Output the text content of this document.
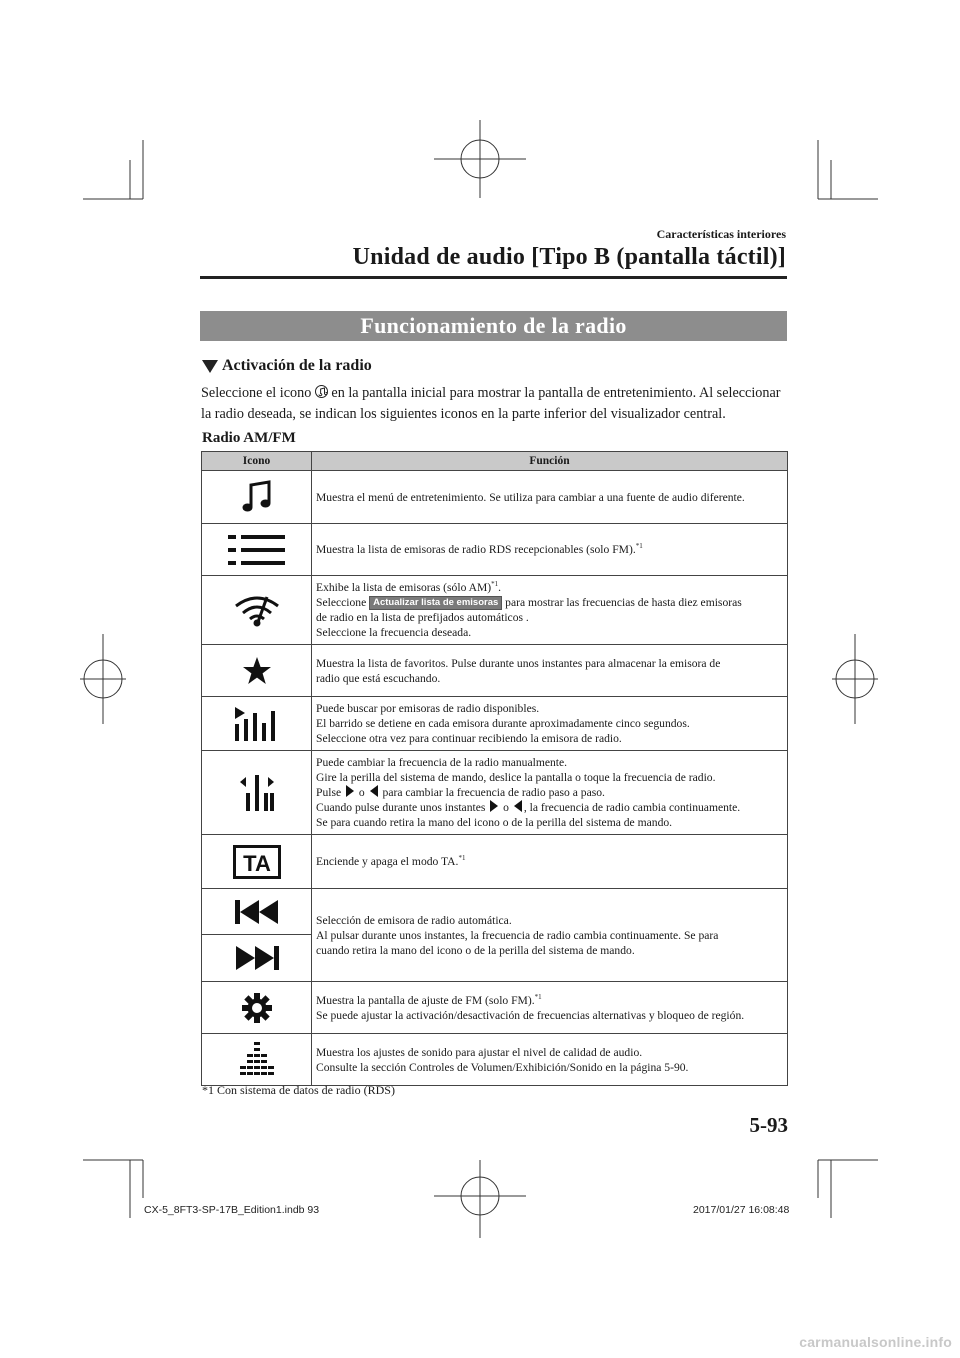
Características interiores
Unidad de audio [Tipo B (pantalla táctil)]
Funcionamiento de la radio
Activación de la radio
Seleccione el icono  en la pantalla inicial para mostrar la pantalla de entretenimiento. Al seleccionar la radio deseada, se indican los siguientes iconos en la parte inferior del visualizador central.
Radio AM/FM
Icono	Función

Muestra el menú de entretenimiento. Se utiliza para cambiar a una fuente de audio diferente.

	Muestra la lista de emisoras de radio RDS recepcionables (solo FM).$^{*1}$

Exhibe la lista de emisoras (sólo AM)$^{*1}$.
Seleccione Actualizar lista de emisoras para mostrar las frecuencias de hasta diez emisoras
de radio en la lista de prefijados automáticos .
Seleccione la frecuencia deseada.

Muestra la lista de favoritos. Pulse durante unos instantes para almacenar la emisora de
radio que está escuchando.

Puede buscar por emisoras de radio disponibles.
El barrido se detiene en cada emisora durante aproximadamente cinco segundos.
Seleccione otra vez para continuar recibiendo la emisora de radio.

Puede cambiar la frecuencia de la radio manualmente.
Gire la perilla del sistema de mando, deslice la pantalla o toque la frecuencia de radio.
Pulse  o  para cambiar la frecuencia de radio paso a paso.
Cuando pulse durante unos instantes  o , la frecuencia de radio cambia continuamente.
Se para cuando retira la mano del icono o de la perilla del sistema de mando.

TA	Enciende y apaga el modo TA.$^{*1}$

Selección de emisora de radio automática.
Al pulsar durante unos instantes, la frecuencia de radio cambia continuamente. Se para
cuando retira la mano del icono o de la perilla del sistema de mando.

Muestra la pantalla de ajuste de FM (solo FM).$^{*1}$
Se puede ajustar la activación/desactivación de frecuencias alternativas y bloqueo de región.

Muestra los ajustes de sonido para ajustar el nivel de calidad de audio.
Consulte la sección Controles de Volumen/Exhibición/Sonido en la página 5-90.
*1 Con sistema de datos de radio (RDS)
5-93
CX-5_8FT3-SP-17B_Edition1.indb 93	2017/01/27 16:08:48
carmanualsonline.info
